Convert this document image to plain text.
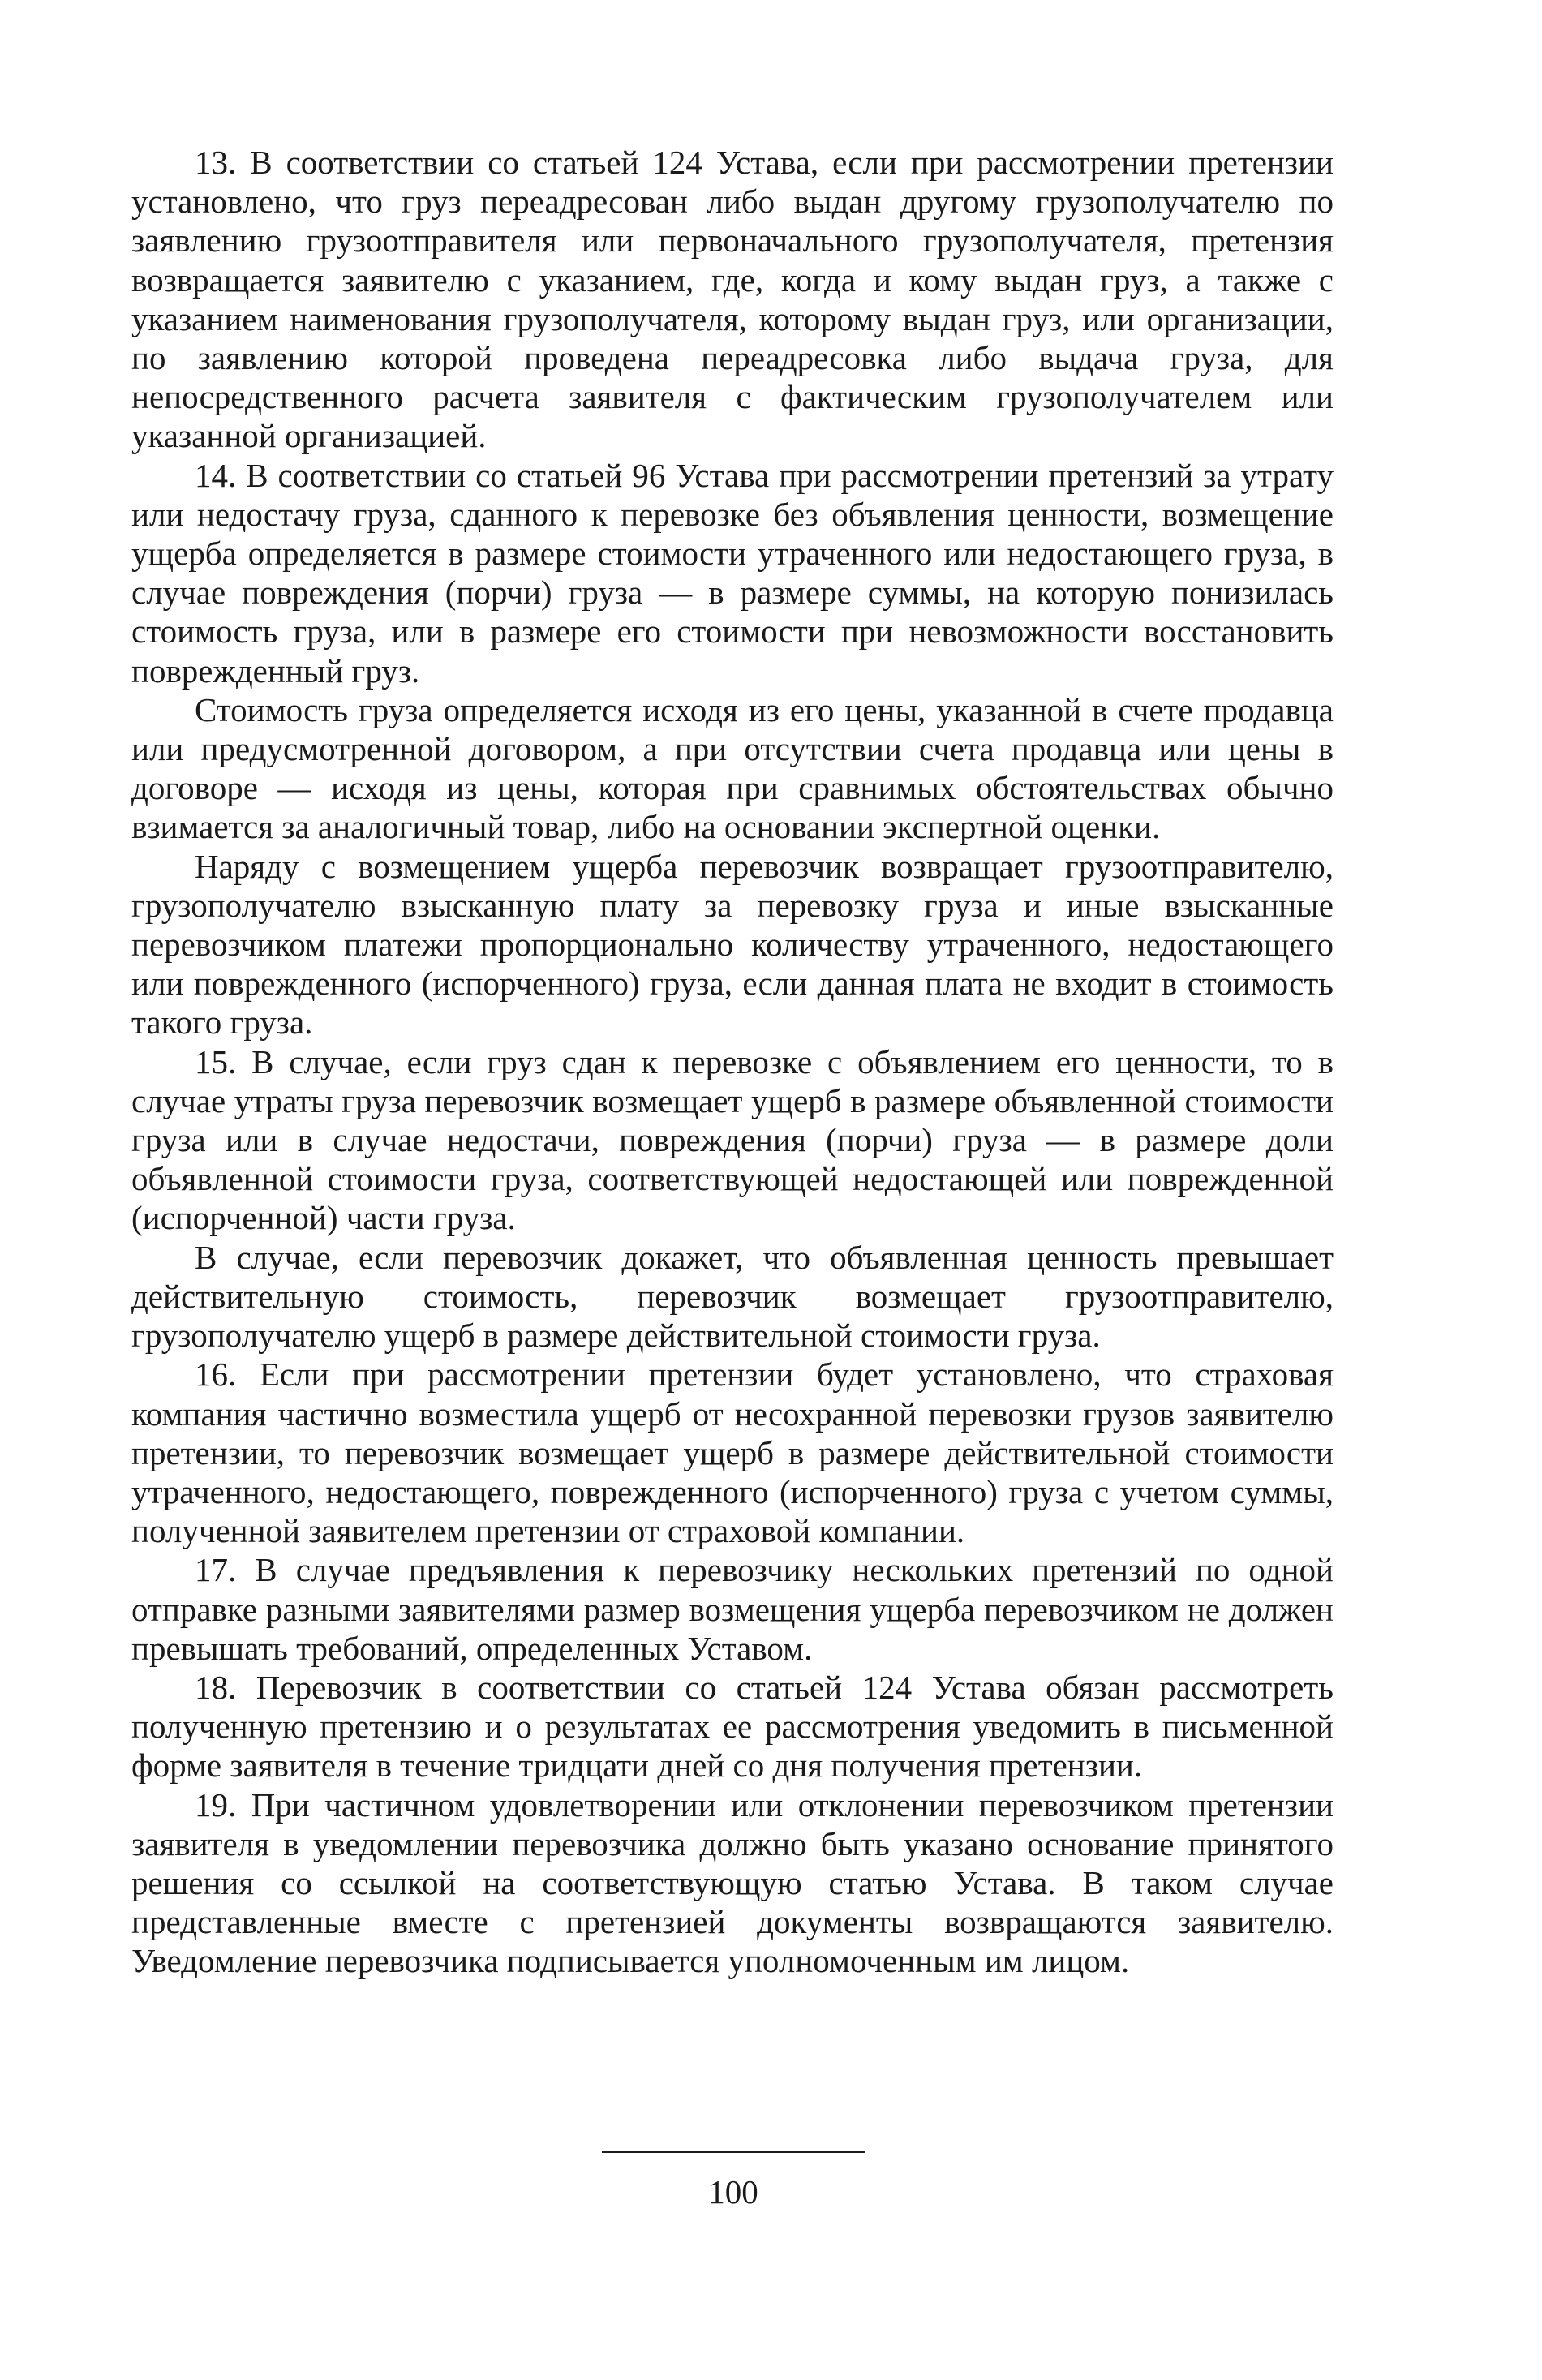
13. В соответствии со статьей 124 Устава, если при рассмотрении претензии установлено, что груз переадресован либо выдан другому грузополучателю по заявлению грузоотправителя или первоначального грузополучателя, претензия возвращается заявителю с указанием, где, когда и кому выдан груз, а также с указанием наименования грузополучателя, которому выдан груз, или организации, по заявлению которой проведена переадресовка либо выдача груза, для непосредственного расчета заявителя с фактическим грузополучателем или указанной организацией.

14. В соответствии со статьей 96 Устава при рассмотрении претензий за утрату или недостачу груза, сданного к перевозке без объявления ценности, возмещение ущерба определяется в размере стоимости утраченного или недостающего груза, в случае повреждения (порчи) груза — в размере суммы, на которую понизилась стоимость груза, или в размере его стоимости при невозможности восстановить поврежденный груз.

Стоимость груза определяется исходя из его цены, указанной в счете продавца или предусмотренной договором, а при отсутствии счета продавца или цены в договоре — исходя из цены, которая при сравнимых обстоятельствах обычно взимается за аналогичный товар, либо на основании экспертной оценки.

Наряду с возмещением ущерба перевозчик возвращает грузоотправителю, грузополучателю взысканную плату за перевозку груза и иные взысканные перевозчиком платежи пропорционально количеству утраченного, недостающего или поврежденного (испорченного) груза, если данная плата не входит в стоимость такого груза.

15. В случае, если груз сдан к перевозке с объявлением его ценности, то в случае утраты груза перевозчик возмещает ущерб в размере объявленной стоимости груза или в случае недостачи, повреждения (порчи) груза — в размере доли объявленной стоимости груза, соответствующей недостающей или поврежденной (испорченной) части груза.

В случае, если перевозчик докажет, что объявленная ценность превышает действительную стоимость, перевозчик возмещает грузоотправителю, грузополучателю ущерб в размере действительной стоимости груза.

16. Если при рассмотрении претензии будет установлено, что страховая компания частично возместила ущерб от несохранной перевозки грузов заявителю претензии, то перевозчик возмещает ущерб в размере действительной стоимости утраченного, недостающего, поврежденного (испорченного) груза с учетом суммы, полученной заявителем претензии от страховой компании.

17. В случае предъявления к перевозчику нескольких претензий по одной отправке разными заявителями размер возмещения ущерба перевозчиком не должен превышать требований, определенных Уставом.

18. Перевозчик в соответствии со статьей 124 Устава обязан рассмотреть полученную претензию и о результатах ее рассмотрения уведомить в письменной форме заявителя в течение тридцати дней со дня получения претензии.

19. При частичном удовлетворении или отклонении перевозчиком претензии заявителя в уведомлении перевозчика должно быть указано основание принятого решения со ссылкой на соответствующую статью Устава. В таком случае представленные вместе с претензией документы возвращаются заявителю. Уведомление перевозчика подписывается уполномоченным им лицом.

100
